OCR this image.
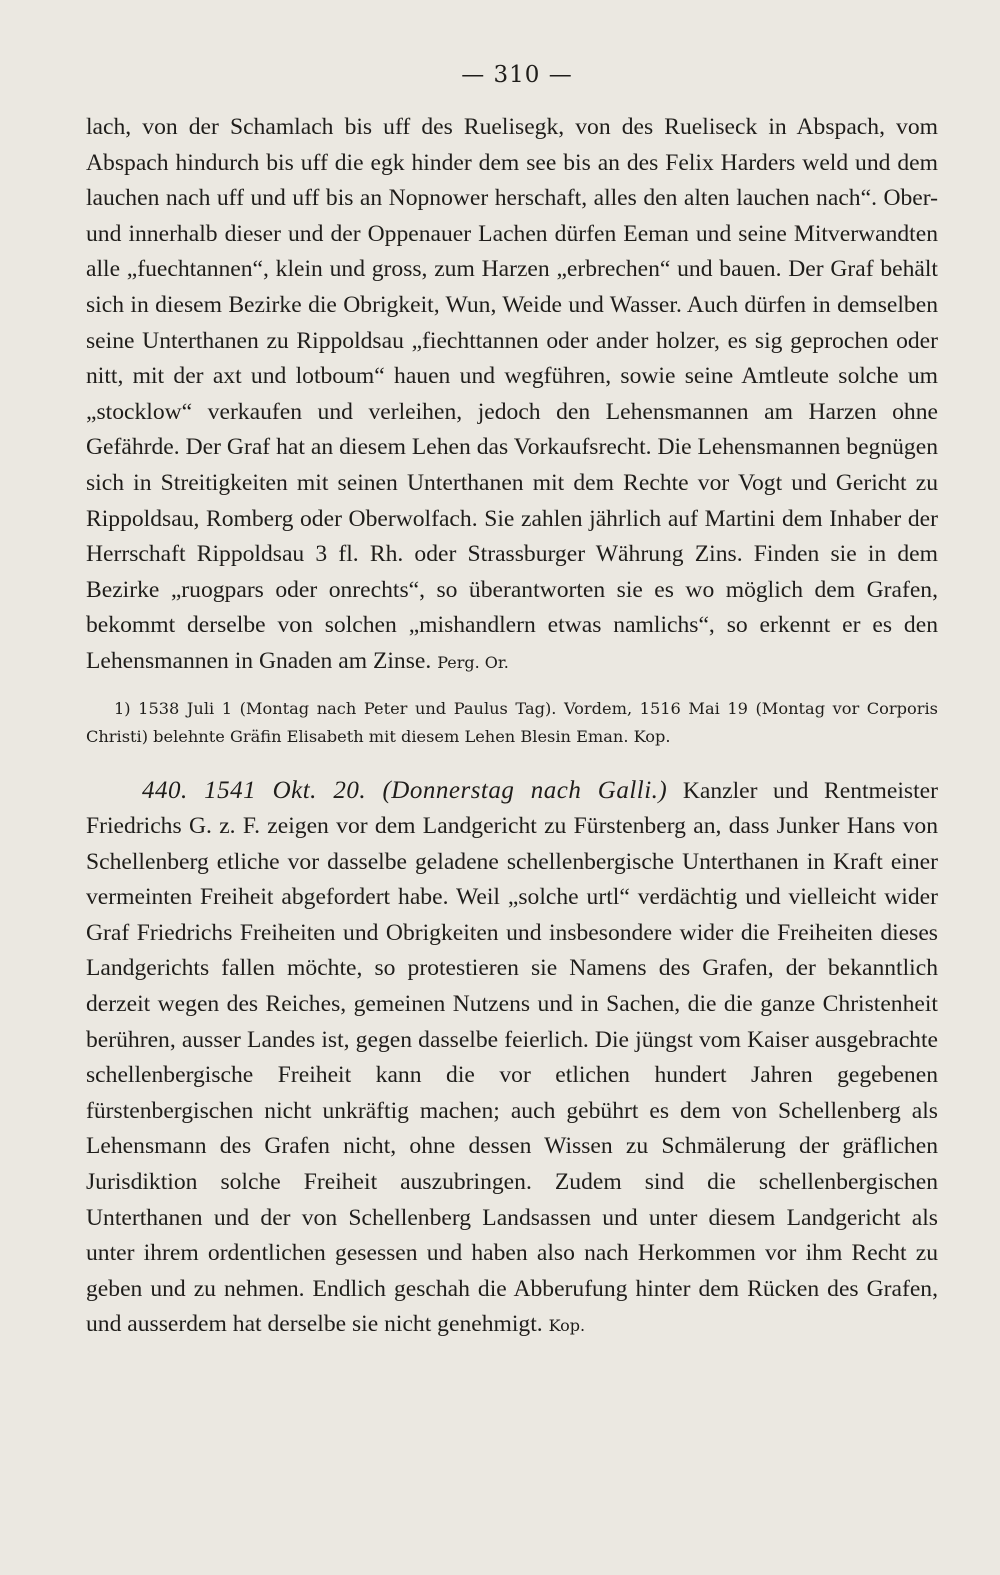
— 310 —

lach, von der Schamlach bis uff des Ruelisegk, von des Rueliseck in Abspach, vom Abspach hindurch bis uff die egk hinder dem see bis an des Felix Harders weld und dem lauchen nach uff und uff bis an Nopnower herschaft, alles den alten lauchen nach“. Ober- und innerhalb dieser und der Oppenauer Lachen dürfen Eeman und seine Mitverwandten alle „fuechtannen“, klein und gross, zum Harzen „erbrechen“ und bauen. Der Graf behält sich in diesem Bezirke die Obrigkeit, Wun, Weide und Wasser. Auch dürfen in demselben seine Unterthanen zu Rippoldsau „fiechttannen oder ander holzer, es sig geprochen oder nitt, mit der axt und lotboum“ hauen und wegführen, sowie seine Amtleute solche um „stocklow“ verkaufen und verleihen, jedoch den Lehensmannen am Harzen ohne Gefährde. Der Graf hat an diesem Lehen das Vorkaufsrecht. Die Lehensmannen begnügen sich in Streitigkeiten mit seinen Unterthanen mit dem Rechte vor Vogt und Gericht zu Rippoldsau, Romberg oder Oberwolfach. Sie zahlen jährlich auf Martini dem Inhaber der Herrschaft Rippoldsau 3 fl. Rh. oder Strassburger Währung Zins. Finden sie in dem Bezirke „ruogpars oder onrechts“, so überantworten sie es wo möglich dem Grafen, bekommt derselbe von solchen „mishandlern etwas namlichs“, so erkennt er es den Lehensmannen in Gnaden am Zinse. Perg. Or.

1) 1538 Juli 1 (Montag nach Peter und Paulus Tag). Vordem, 1516 Mai 19 (Montag vor Corporis Christi) belehnte Gräfin Elisabeth mit diesem Lehen Blesin Eman. Kop.

440. 1541 Okt. 20. (Donnerstag nach Galli.) Kanzler und Rentmeister Friedrichs G. z. F. zeigen vor dem Landgericht zu Fürstenberg an, dass Junker Hans von Schellenberg etliche vor dasselbe geladene schellenbergische Unterthanen in Kraft einer vermeinten Freiheit abgefordert habe. Weil „solche urtl“ verdächtig und vielleicht wider Graf Friedrichs Freiheiten und Obrigkeiten und insbesondere wider die Freiheiten dieses Landgerichts fallen möchte, so protestieren sie Namens des Grafen, der bekanntlich derzeit wegen des Reiches, gemeinen Nutzens und in Sachen, die die ganze Christenheit berühren, ausser Landes ist, gegen dasselbe feierlich. Die jüngst vom Kaiser ausgebrachte schellenbergische Freiheit kann die vor etlichen hundert Jahren gegebenen fürstenbergischen nicht unkräftig machen; auch gebührt es dem von Schellenberg als Lehensmann des Grafen nicht, ohne dessen Wissen zu Schmälerung der gräflichen Jurisdiktion solche Freiheit auszubringen. Zudem sind die schellenbergischen Unterthanen und der von Schellenberg Landsassen und unter diesem Landgericht als unter ihrem ordentlichen gesessen und haben also nach Herkommen vor ihm Recht zu geben und zu nehmen. Endlich geschah die Abberufung hinter dem Rücken des Grafen, und ausserdem hat derselbe sie nicht genehmigt. Kop.
